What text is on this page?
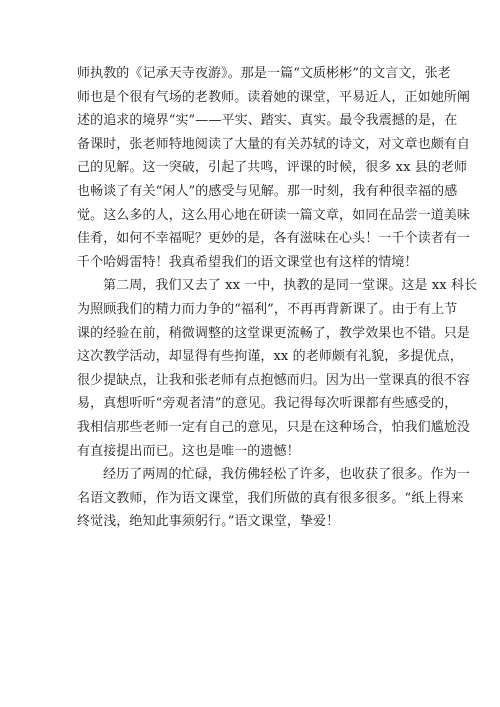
师执教的《记承天寺夜游》。那是一篇“文质彬彬”的文言文，张老
师也是个很有气场的老教师。读着她的课堂，平易近人，正如她所阐
述的追求的境界“实”——平实、踏实、真实。最令我震撼的是，在
备课时，张老师特地阅读了大量的有关苏轼的诗文，对文章也颇有自
己的见解。这一突破，引起了共鸣，评课的时候，很多 xx 县的老师
也畅谈了有关“闲人”的感受与见解。那一时刻，我有种很幸福的感
觉。这么多的人，这么用心地在研读一篇文章，如同在品尝一道美味
佳肴，如何不幸福呢？更妙的是，各有滋味在心头！一千个读者有一
千个哈姆雷特！我真希望我们的语文课堂也有这样的情境！
第二周，我们又去了 xx 一中，执教的是同一堂课。这是 xx 科长
为照顾我们的精力而力争的“福利”，不再再背新课了。由于有上节
课的经验在前，稍微调整的这堂课更流畅了，教学效果也不错。只是
这次教学活动，却显得有些拘谨，xx 的老师颇有礼貌，多提优点，
很少提缺点，让我和张老师有点抱憾而归。因为出一堂课真的很不容
易，真想听听“旁观者清”的意见。我记得每次听课都有些感受的，
我相信那些老师一定有自己的意见，只是在这种场合，怕我们尴尬没
有直接提出而已。这也是唯一的遗憾！
经历了两周的忙碌，我仿佛轻松了许多，也收获了很多。作为一
名语文教师，作为语文课堂，我们所做的真有很多很多。“纸上得来
终觉浅，绝知此事须躬行。”语文课堂，挚爱！
